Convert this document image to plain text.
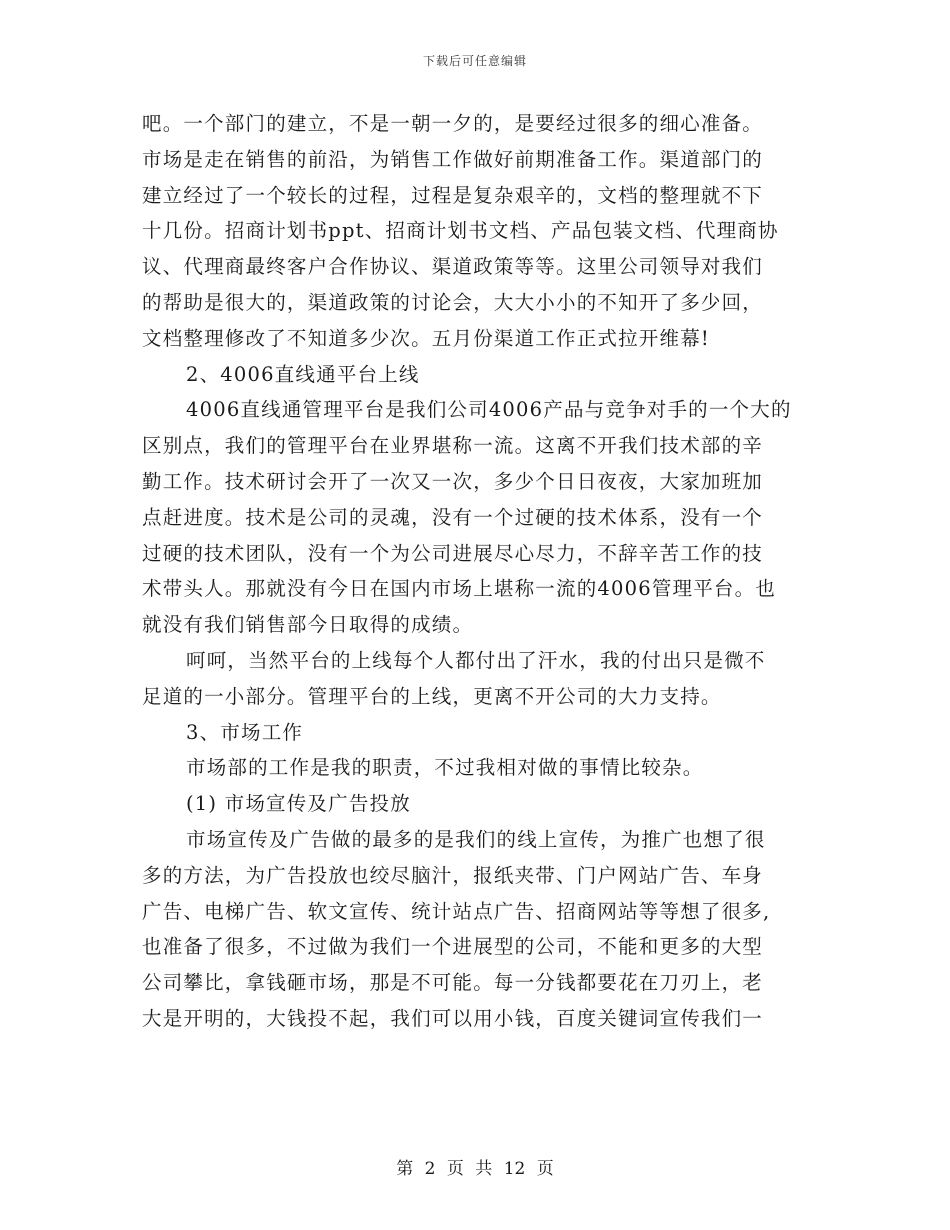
下载后可任意编辑
吧。一个部门的建立，不是一朝一夕的，是要经过很多的细心准备。
市场是走在销售的前沿，为销售工作做好前期准备工作。渠道部门的
建立经过了一个较长的过程，过程是复杂艰辛的，文档的整理就不下
十几份。招商计划书ppt、招商计划书文档、产品包装文档、代理商协
议、代理商最终客户合作协议、渠道政策等等。这里公司领导对我们
的帮助是很大的，渠道政策的讨论会，大大小小的不知开了多少回，
文档整理修改了不知道多少次。五月份渠道工作正式拉开维幕!
2、4006直线通平台上线
4006直线通管理平台是我们公司4006产品与竞争对手的一个大的
区别点，我们的管理平台在业界堪称一流。这离不开我们技术部的辛
勤工作。技术研讨会开了一次又一次，多少个日日夜夜，大家加班加
点赶进度。技术是公司的灵魂，没有一个过硬的技术体系，没有一个
过硬的技术团队，没有一个为公司进展尽心尽力，不辞辛苦工作的技
术带头人。那就没有今日在国内市场上堪称一流的4006管理平台。也
就没有我们销售部今日取得的成绩。
呵呵，当然平台的上线每个人都付出了汗水，我的付出只是微不
足道的一小部分。管理平台的上线，更离不开公司的大力支持。
3、市场工作
市场部的工作是我的职责，不过我相对做的事情比较杂。
(1) 市场宣传及广告投放
市场宣传及广告做的最多的是我们的线上宣传，为推广也想了很
多的方法，为广告投放也绞尽脑汁，报纸夹带、门户网站广告、车身
广告、电梯广告、软文宣传、统计站点广告、招商网站等等想了很多,
也准备了很多，不过做为我们一个进展型的公司，不能和更多的大型
公司攀比，拿钱砸市场，那是不可能。每一分钱都要花在刀刃上，老
大是开明的，大钱投不起，我们可以用小钱，百度关键词宣传我们一
第 2 页 共 12 页
